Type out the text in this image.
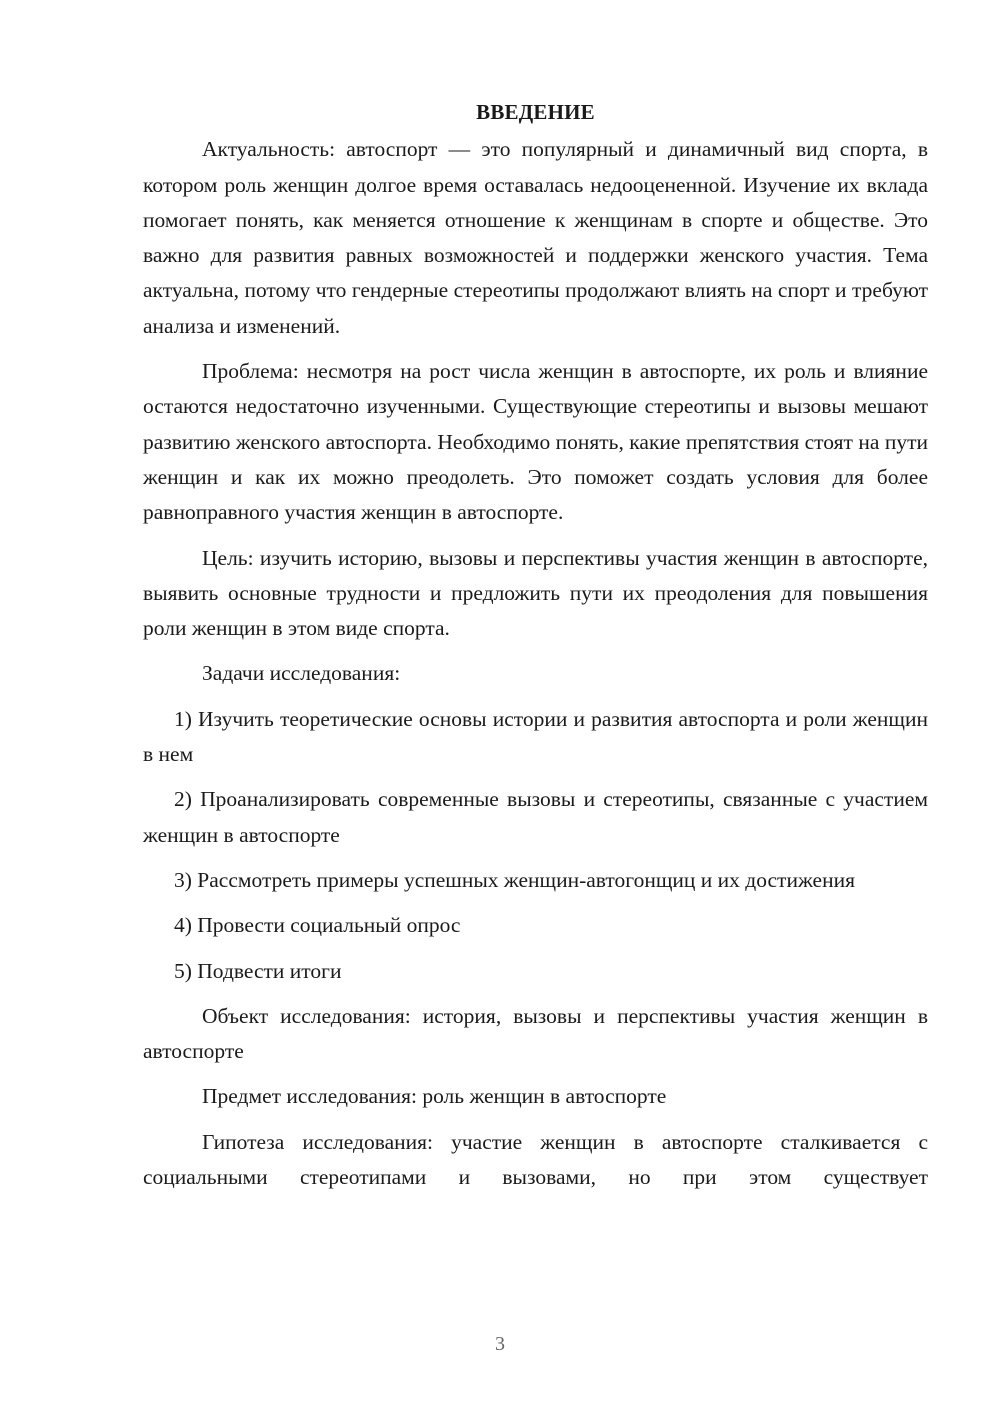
ВВЕДЕНИЕ

Актуальность: автоспорт — это популярный и динамичный вид спорта, в котором роль женщин долгое время оставалась недооцененной. Изучение их вклада помогает понять, как меняется отношение к женщинам в спорте и обществе. Это важно для развития равных возможностей и поддержки женского участия. Тема актуальна, потому что гендерные стереотипы продолжают влиять на спорт и требуют анализа и изменений.

Проблема: несмотря на рост числа женщин в автоспорте, их роль и влияние остаются недостаточно изученными. Существующие стереотипы и вызовы мешают развитию женского автоспорта. Необходимо понять, какие препятствия стоят на пути женщин и как их можно преодолеть. Это поможет создать условия для более равноправного участия женщин в автоспорте.

Цель: изучить историю, вызовы и перспективы участия женщин в автоспорте, выявить основные трудности и предложить пути их преодоления для повышения роли женщин в этом виде спорта.

Задачи исследования:

1) Изучить теоретические основы истории и развития автоспорта и роли женщин в нем

2) Проанализировать современные вызовы и стереотипы, связанные с участием женщин в автоспорте

3) Рассмотреть примеры успешных женщин-автогонщиц и их достижения

4) Провести социальный опрос

5) Подвести итоги

Объект исследования: история, вызовы и перспективы участия женщин в автоспорте

Предмет исследования: роль женщин в автоспорте

Гипотеза исследования: участие женщин в автоспорте сталкивается с социальными стереотипами и вызовами, но при этом существует

3
